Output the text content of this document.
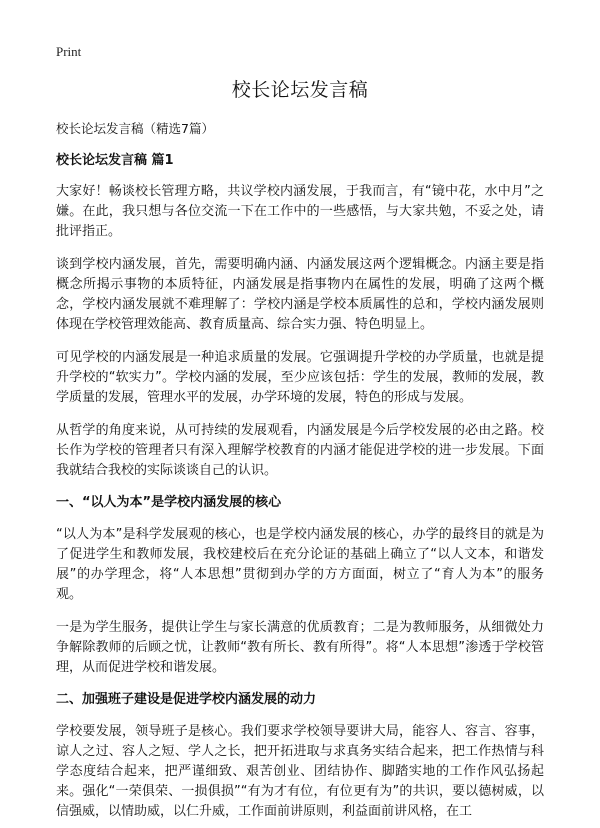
Print
校长论坛发言稿
校长论坛发言稿（精选7篇）
校长论坛发言稿 篇1

大家好！畅谈校长管理方略，共议学校内涵发展，于我而言，有“镜中花，水中月”之嫌。在此，我只想与各位交流一下在工作中的一些感悟，与大家共勉，不妥之处，请批评指正。

谈到学校内涵发展，首先，需要明确内涵、内涵发展这两个逻辑概念。内涵主要是指概念所揭示事物的本质特征，内涵发展是指事物内在属性的发展，明确了这两个概念，学校内涵发展就不难理解了：学校内涵是学校本质属性的总和，学校内涵发展则体现在学校管理效能高、教育质量高、综合实力强、特色明显上。

可见学校的内涵发展是一种追求质量的发展。它强调提升学校的办学质量，也就是提升学校的“软实力”。学校内涵的发展，至少应该包括：学生的发展，教师的发展，教学质量的发展，管理水平的发展，办学环境的发展，特色的形成与发展。

从哲学的角度来说，从可持续的发展观看，内涵发展是今后学校发展的必由之路。校长作为学校的管理者只有深入理解学校教育的内涵才能促进学校的进一步发展。下面我就结合我校的实际谈谈自己的认识。

一、“以人为本”是学校内涵发展的核心

“以人为本”是科学发展观的核心，也是学校内涵发展的核心，办学的最终目的就是为了促进学生和教师发展，我校建校后在充分论证的基础上确立了“以人文本，和谐发展”的办学理念，将“人本思想”贯彻到办学的方方面面，树立了“育人为本”的服务观。

一是为学生服务，提供让学生与家长满意的优质教育；二是为教师服务，从细微处力争解除教师的后顾之忧，让教师“教有所长、教有所得”。将“人本思想”渗透于学校管理，从而促进学校和谐发展。

二、加强班子建设是促进学校内涵发展的动力

学校要发展，领导班子是核心。我们要求学校领导要讲大局，能容人、容言、容事，谅人之过、容人之短、学人之长，把开拓进取与求真务实结合起来，把工作热情与科学态度结合起来，把严谨细致、艰苦创业、团结协作、脚踏实地的工作作风弘扬起来。强化“一荣俱荣、一损俱损”“有为才有位，有位更有为”的共识，要以德树威，以信强威，以情助威，以仁升威，工作面前讲原则，利益面前讲风格，在工
